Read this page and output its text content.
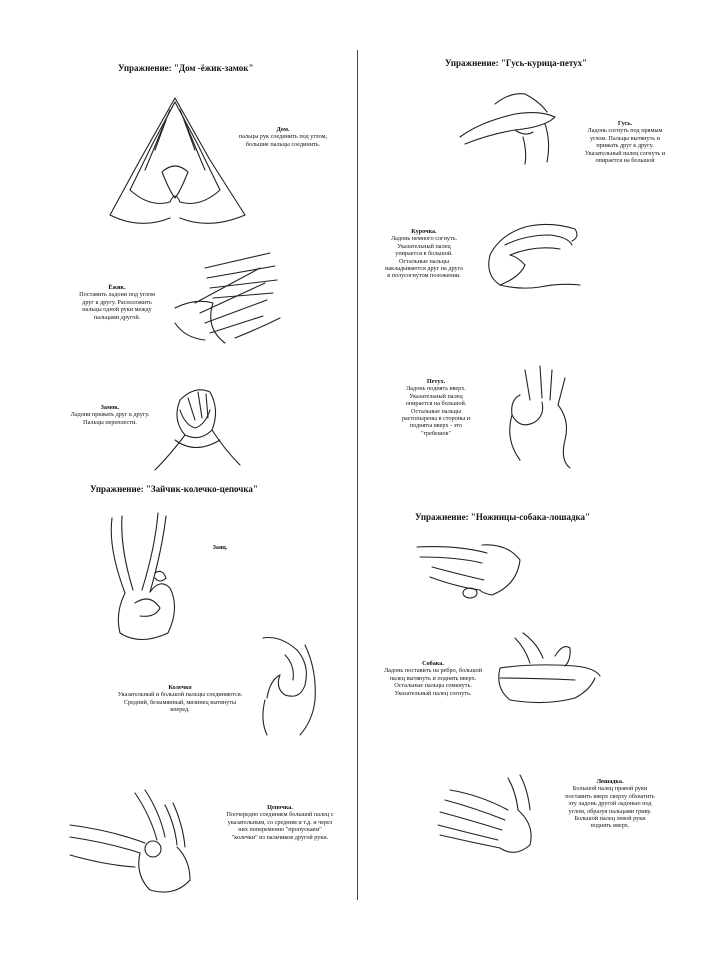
Упражнение: "Дом -ёжик-замок"
Дом.
пальцы рук соединить под углом,
большие пальцы соединить.
Ёжик.
Поставить ладони под углом
друг к другу. Расположить
пальцы одной руки между
пальцами другой.
Замок.
Ладони прижать друг к другу.
Пальцы переплести.
Упражнение: "Зайчик-колечко-цепочка"
Заяц.
Колечко
Указательный и большой пальцы соединяются.
Средний, безымянный, мизинец вытянуты
вперед.
Цепочка.
Поочередно соединяем большой палец с
указательным, со средним и т.д. и через
них попеременно "пропускаем"
"колечки" из пальчиков другой руки.
Упражнение: "Гусь-курица-петух"
Гусь.
Ладонь согнуть под прямым
углом. Пальцы вытянуть и
прижать друг к другу.
Указательный палец согнуть и
опирается на большой
Курочка.
Ладонь немного согнуть.
Указательный палец
упирается в большой.
Остальные пальцы
накладываются друг на друга
в полусогнутом положении.
Петух.
Ладонь поднять вверх.
Указательный палец
опирается на большой.
Остальные пальцы
растопырены в стороны и
подняты вверх - это
"гребешок"
Упражнение: "Ножницы-собака-лошадка"
Собака.
Ладонь поставить на ребро, большой
палец вытянуть и поднять вверх.
Остальные пальцы сомкнуть.
Указательный палец согнуть.
Лошадка.
Большой палец правой руки
поставить вверх сверху обхватить
эту ладонь другой ладонью под
углом, образуя пальцами гриву.
Большой палец левой руки
поднять вверх.
